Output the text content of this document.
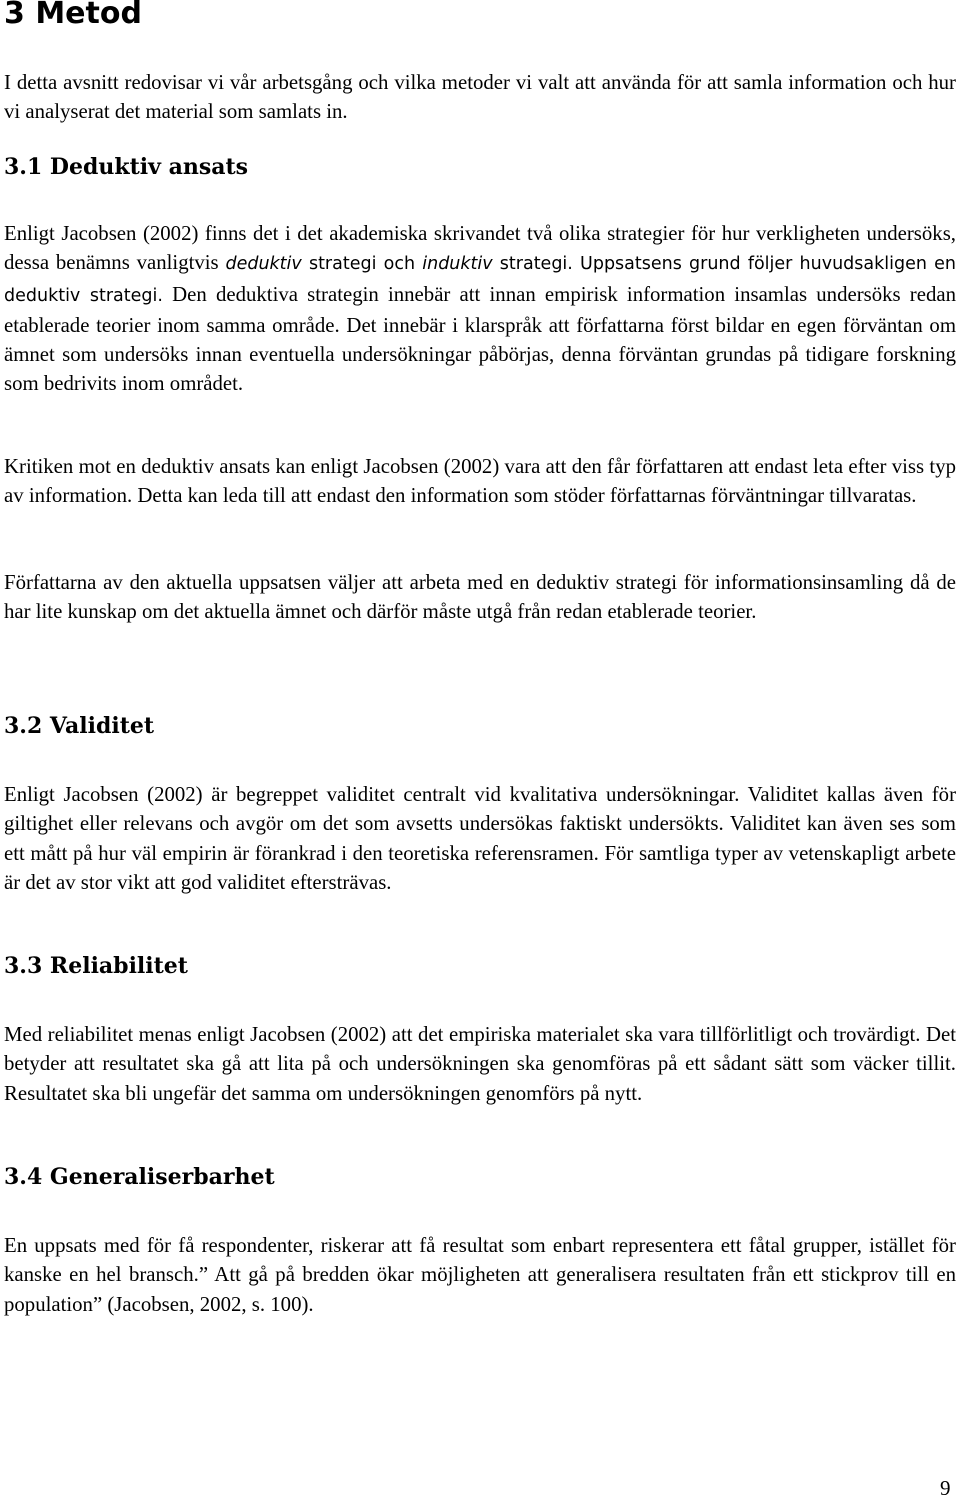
3 Metod

I detta avsnitt redovisar vi vår arbetsgång och vilka metoder vi valt att använda för att samla information och hur vi analyserat det material som samlats in.

3.1 Deduktiv ansats

Enligt Jacobsen (2002) finns det i det akademiska skrivandet två olika strategier för hur verkligheten undersöks, dessa benämns vanligtvis deduktiv strategi och induktiv strategi. Uppsatsens grund följer huvudsakligen en deduktiv strategi. Den deduktiva strategin innebär att innan empirisk information insamlas undersöks redan etablerade teorier inom samma område. Det innebär i klarspråk att författarna först bildar en egen förväntan om ämnet som undersöks innan eventuella undersökningar påbörjas, denna förväntan grundas på tidigare forskning som bedrivits inom området.

Kritiken mot en deduktiv ansats kan enligt Jacobsen (2002) vara att den får författaren att endast leta efter viss typ av information. Detta kan leda till att endast den information som stöder författarnas förväntningar tillvaratas.

Författarna av den aktuella uppsatsen väljer att arbeta med en deduktiv strategi för informationsinsamling då de har lite kunskap om det aktuella ämnet och därför måste utgå från redan etablerade teorier.

3.2 Validitet

Enligt Jacobsen (2002) är begreppet validitet centralt vid kvalitativa undersökningar. Validitet kallas även för giltighet eller relevans och avgör om det som avsetts undersökas faktiskt undersökts. Validitet kan även ses som ett mått på hur väl empirin är förankrad i den teoretiska referensramen. För samtliga typer av vetenskapligt arbete är det av stor vikt att god validitet eftersträvas.

3.3 Reliabilitet

Med reliabilitet menas enligt Jacobsen (2002) att det empiriska materialet ska vara tillförlitligt och trovärdigt. Det betyder att resultatet ska gå att lita på och undersökningen ska genomföras på ett sådant sätt som väcker tillit. Resultatet ska bli ungefär det samma om undersökningen genomförs på nytt.

3.4 Generaliserbarhet

En uppsats med för få respondenter, riskerar att få resultat som enbart representera ett fåtal grupper, istället för kanske en hel bransch.” Att gå på bredden ökar möjligheten att generalisera resultaten från ett stickprov till en population” (Jacobsen, 2002, s. 100).

9
